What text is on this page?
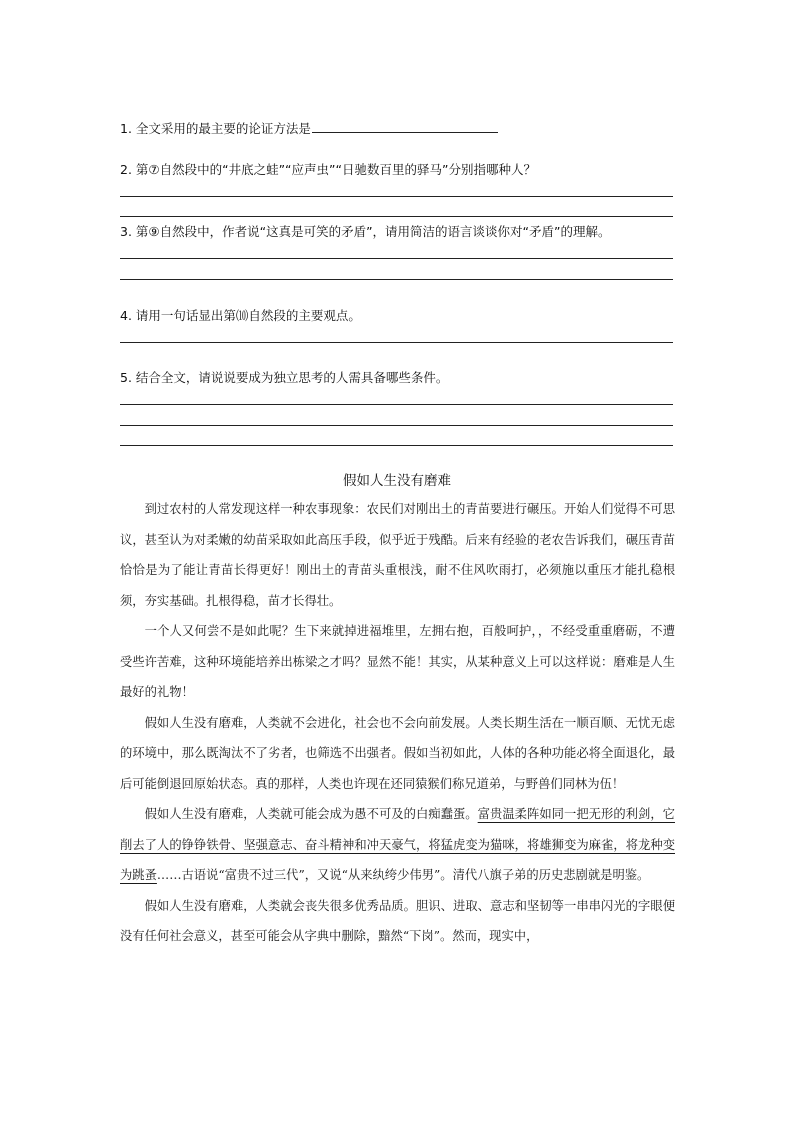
1. 全文采用的最主要的论证方法是
2. 第⑦自然段中的“井底之蛙”“应声虫”“日驰数百里的驿马”分别指哪种人？
3. 第⑨自然段中，作者说“这真是可笑的矛盾”，请用简洁的语言谈谈你对“矛盾”的理解。
4. 请用一句话显出第⑽自然段的主要观点。
5. 结合全文，请说说要成为独立思考的人需具备哪些条件。
假如人生没有磨难

到过农村的人常发现这样一种农事现象：农民们对刚出土的青苗要进行碾压。开始人们觉得不可思议，甚至认为对柔嫩的幼苗采取如此高压手段，似乎近于残酷。后来有经验的老农告诉我们，碾压青苗恰恰是为了能让青苗长得更好！刚出土的青苗头重根浅，耐不住风吹雨打，必须施以重压才能扎稳根须，夯实基础。扎根得稳，苗才长得壮。

一个人又何尝不是如此呢？生下来就掉进福堆里，左拥右抱，百般呵护，，不经受重重磨砺，不遭受些许苦难，这种环境能培养出栋梁之才吗？显然不能！其实，从某种意义上可以这样说：磨难是人生最好的礼物！

假如人生没有磨难，人类就不会进化，社会也不会向前发展。人类长期生活在一顺百顺、无忧无虑的环境中，那么既淘汰不了劣者，也筛选不出强者。假如当初如此，人体的各种功能必将全面退化，最后可能倒退回原始状态。真的那样，人类也许现在还同猿猴们称兄道弟，与野兽们同林为伍！

假如人生没有磨难，人类就可能会成为愚不可及的白痴蠢蛋。富贵温柔阵如同一把无形的利剑，它削去了人的铮铮铁骨、坚强意志、奋斗精神和冲天豪气，将猛虎变为猫咪，将雄狮变为麻雀，将龙种变为跳蚤……古语说“富贵不过三代”，又说“从来纨绔少伟男”。清代八旗子弟的历史悲剧就是明鉴。

假如人生没有磨难，人类就会丧失很多优秀品质。胆识、进取、意志和坚韧等一串串闪光的字眼便没有任何社会意义，甚至可能会从字典中删除，黯然“下岗”。然而，现实中，
